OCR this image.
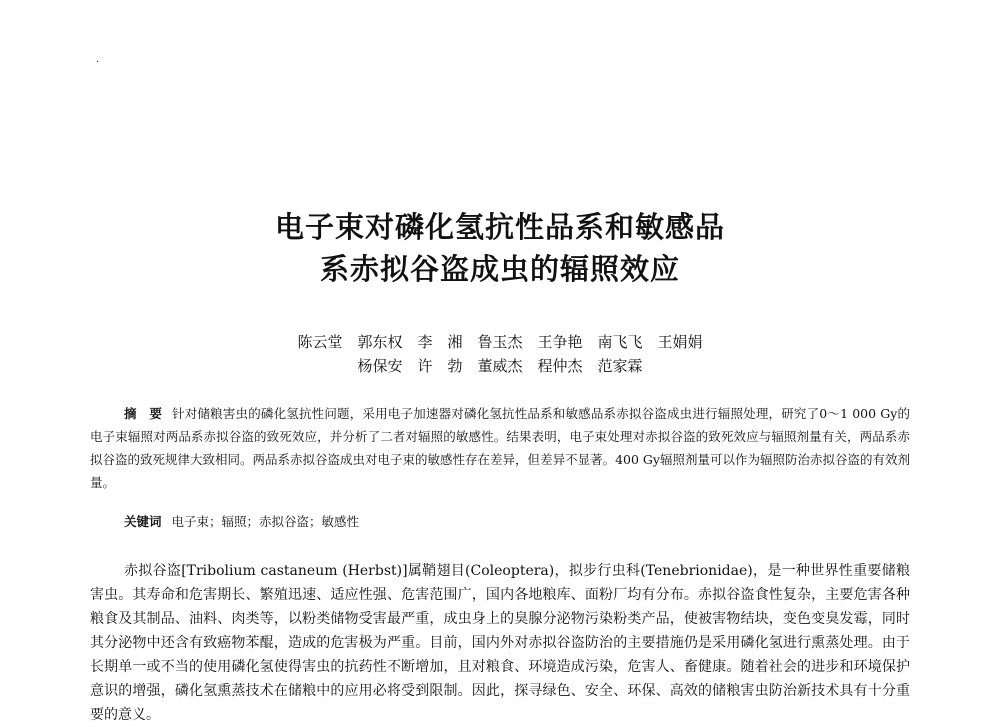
.
电子束对磷化氢抗性品系和敏感品
系赤拟谷盗成虫的辐照效应
陈云堂　郭东权　李　湘　鲁玉杰　王争艳　南飞飞　王娟娟
杨保安　许　勃　董威杰　程仲杰　范家霖
摘　要 针对储粮害虫的磷化氢抗性问题，采用电子加速器对磷化氢抗性品系和敏感品系赤拟谷盗成虫进行辐照处理，研究了0～1 000 Gy的电子束辐照对两品系赤拟谷盗的致死效应，并分析了二者对辐照的敏感性。结果表明，电子束处理对赤拟谷盗的致死效应与辐照剂量有关，两品系赤拟谷盗的致死规律大致相同。两品系赤拟谷盗成虫对电子束的敏感性存在差异，但差异不显著。400 Gy辐照剂量可以作为辐照防治赤拟谷盗的有效剂量。
关键词 电子束；辐照；赤拟谷盗；敏感性

赤拟谷盗[Tribolium castaneum (Herbst)]属鞘翅目(Coleoptera)，拟步行虫科(Tenebrionidae)，是一种世界性重要储粮害虫。其寿命和危害期长、繁殖迅速、适应性强、危害范围广，国内各地粮库、面粉厂均有分布。赤拟谷盗食性复杂，主要危害各种粮食及其制品、油料、肉类等，以粉类储物受害最严重，成虫身上的臭腺分泌物污染粉类产品，使被害物结块，变色变臭发霉，同时其分泌物中还含有致癌物苯醌，造成的危害极为严重。目前，国内外对赤拟谷盗防治的主要措施仍是采用磷化氢进行熏蒸处理。由于长期单一或不当的使用磷化氢使得害虫的抗药性不断增加，且对粮食、环境造成污染，危害人、畜健康。随着社会的进步和环境保护意识的增强，磷化氢熏蒸技术在储粮中的应用必将受到限制。因此，探寻绿色、安全、环保、高效的储粮害虫防治新技术具有十分重要的意义。
